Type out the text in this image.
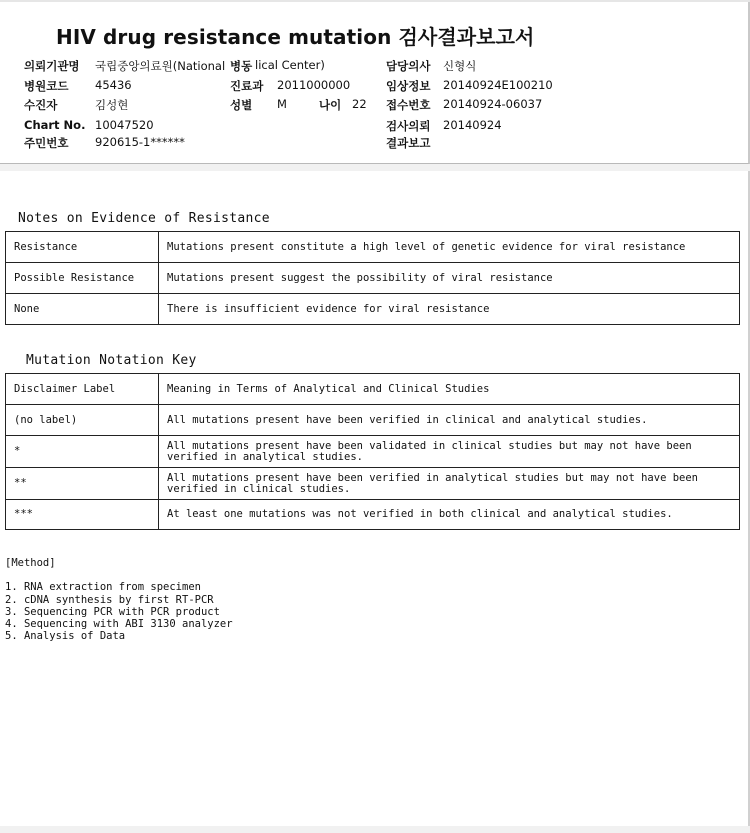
HIV drug resistance mutation 검사결과보고서
의뢰기관명 국립중앙의료원(National 병동 lical Center)	담당의사 신형식
병원코드 45436	진료과 2011000000	임상정보 20140924E100210
수진자	김성현	성별 M	나이 22 접수번호 20140924-06037
Chart No. 10047520	검사의뢰 20140924
주민번호 920615-1******	결과보고
Notes on Evidence of Resistance
Resistance	Mutations present constitute a high level of genetic evidence for viral resistance
Possible Resistance	Mutations present suggest the possibility of viral resistance
None	There is insufficient evidence for viral resistance
Mutation Notation Key
Disclaimer Label	Meaning in Terms of Analytical and Clinical Studies
(no label)	All mutations present have been verified in clinical and analytical studies.
*	All mutations present have been validated in clinical studies but may not have been verified in analytical studies.
**	All mutations present have been verified in analytical studies but may not have been verified in clinical studies.
***	At least one mutations was not verified in both clinical and analytical studies.
[Method]
1. RNA extraction from specimen
2. cDNA synthesis by first RT-PCR
3. Sequencing PCR with PCR product
4. Sequencing with ABI 3130 analyzer
5. Analysis of Data
